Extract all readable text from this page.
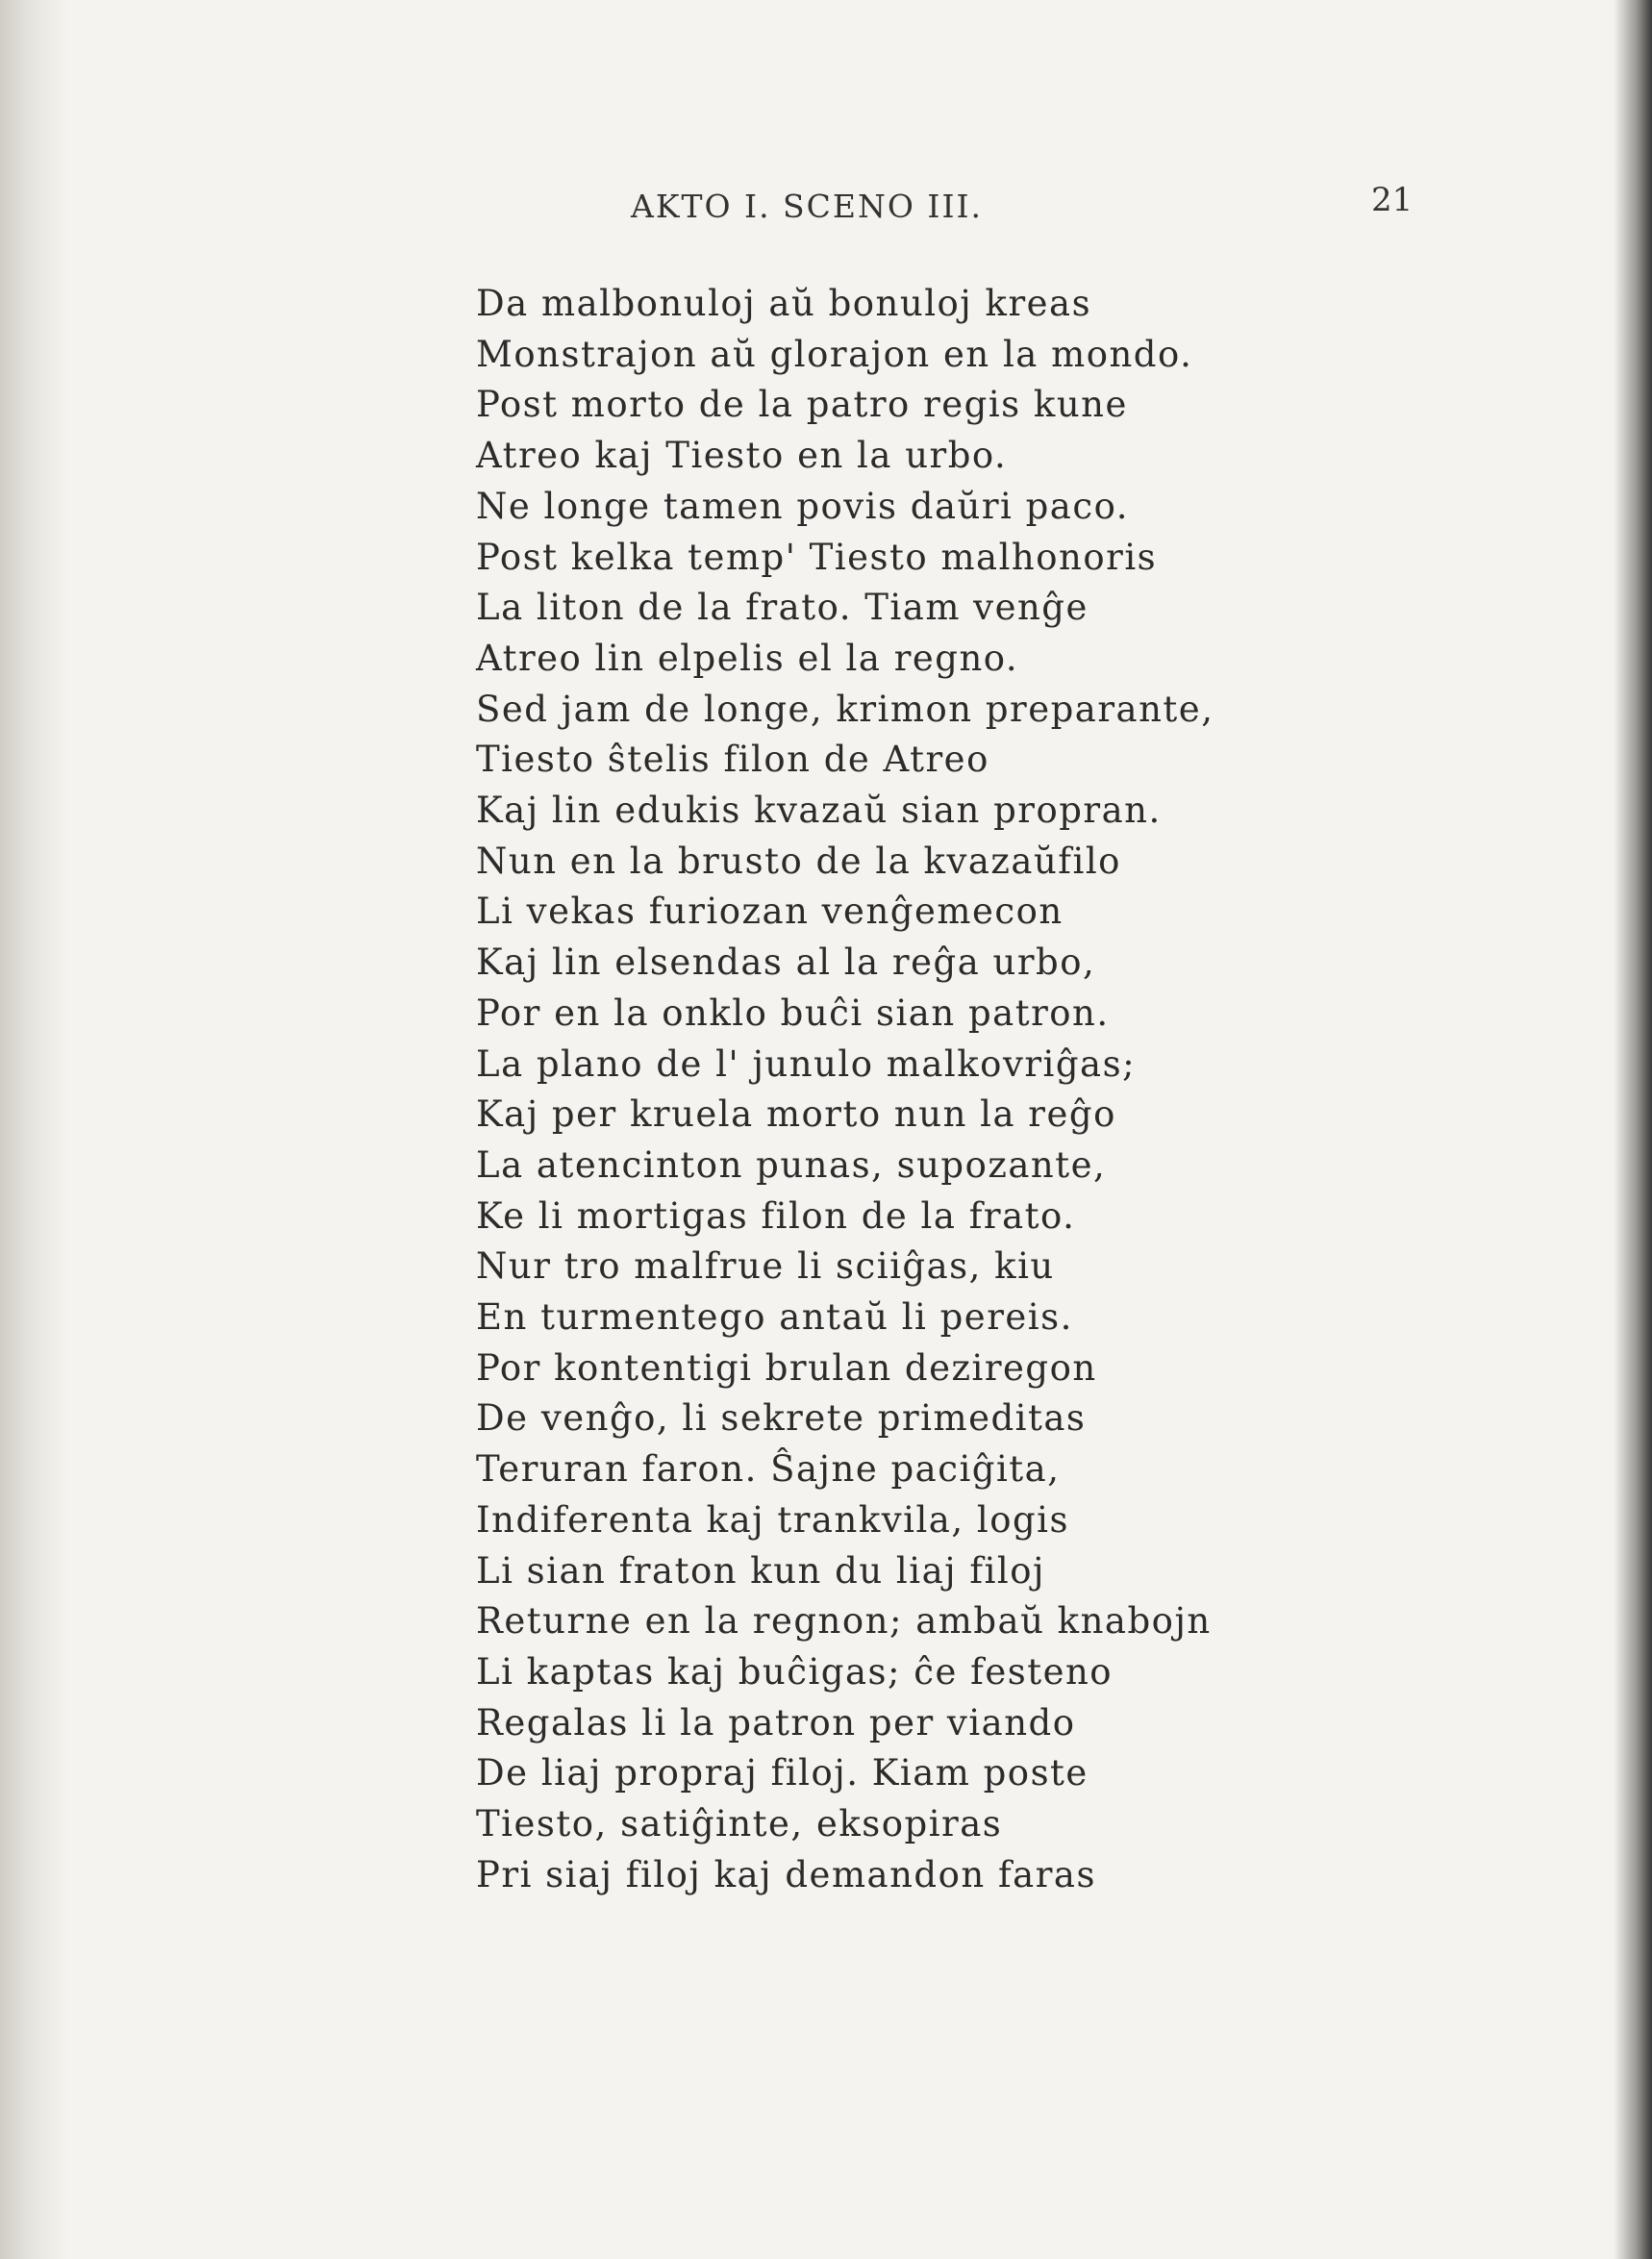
AKTO I. SCENO III.	21
Da malbonuloj aŭ bonuloj kreas
Monstrajon aŭ glorajon en la mondo.
Post morto de la patro regis kune
Atreo kaj Tiesto en la urbo.
Ne longe tamen povis daŭri paco.
Post kelka temp' Tiesto malhonoris
La liton de la frato. Tiam venĝe
Atreo lin elpelis el la regno.
Sed jam de longe, krimon preparante,
Tiesto ŝtelis filon de Atreo
Kaj lin edukis kvazaŭ sian propran.
Nun en la brusto de la kvazaŭfilo
Li vekas furiozan venĝemecon
Kaj lin elsendas al la reĝa urbo,
Por en la onklo buĉi sian patron.
La plano de l' junulo malkovriĝas;
Kaj per kruela morto nun la reĝo
La atencinton punas, supozante,
Ke li mortigas filon de la frato.
Nur tro malfrue li sciiĝas, kiu
En turmentego antaŭ li pereis.
Por kontentigi brulan deziregon
De venĝo, li sekrete primeditas
Teruran faron. Ŝajne paciĝita,
Indiferenta kaj trankvila, logis
Li sian fraton kun du liaj filoj
Returne en la regnon; ambaŭ knabojn
Li kaptas kaj buĉigas; ĉe festeno
Regalas li la patron per viando
De liaj propraj filoj. Kiam poste
Tiesto, satiĝinte, eksopiras
Pri siaj filoj kaj demandon faras
